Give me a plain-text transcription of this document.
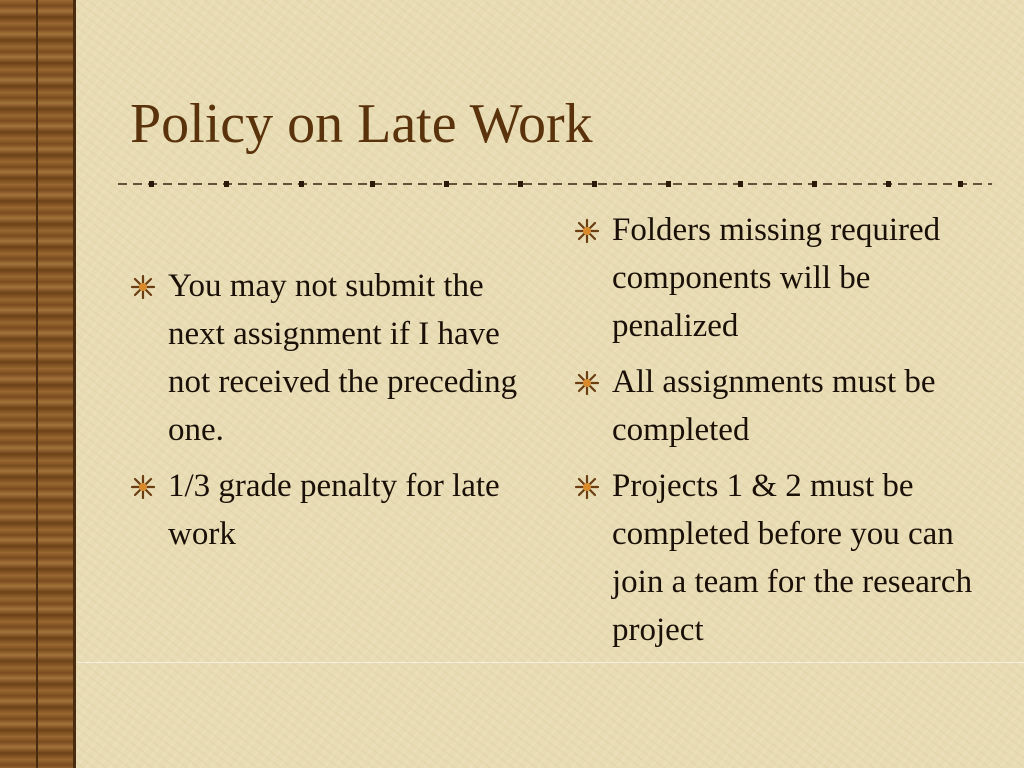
Policy on Late Work
You may not submit the next assignment if I have not received the preceding one.
1/3 grade penalty for late work
Folders missing required components will be penalized
All assignments must be completed
Projects 1 & 2 must be completed before you can join a team for the research project
